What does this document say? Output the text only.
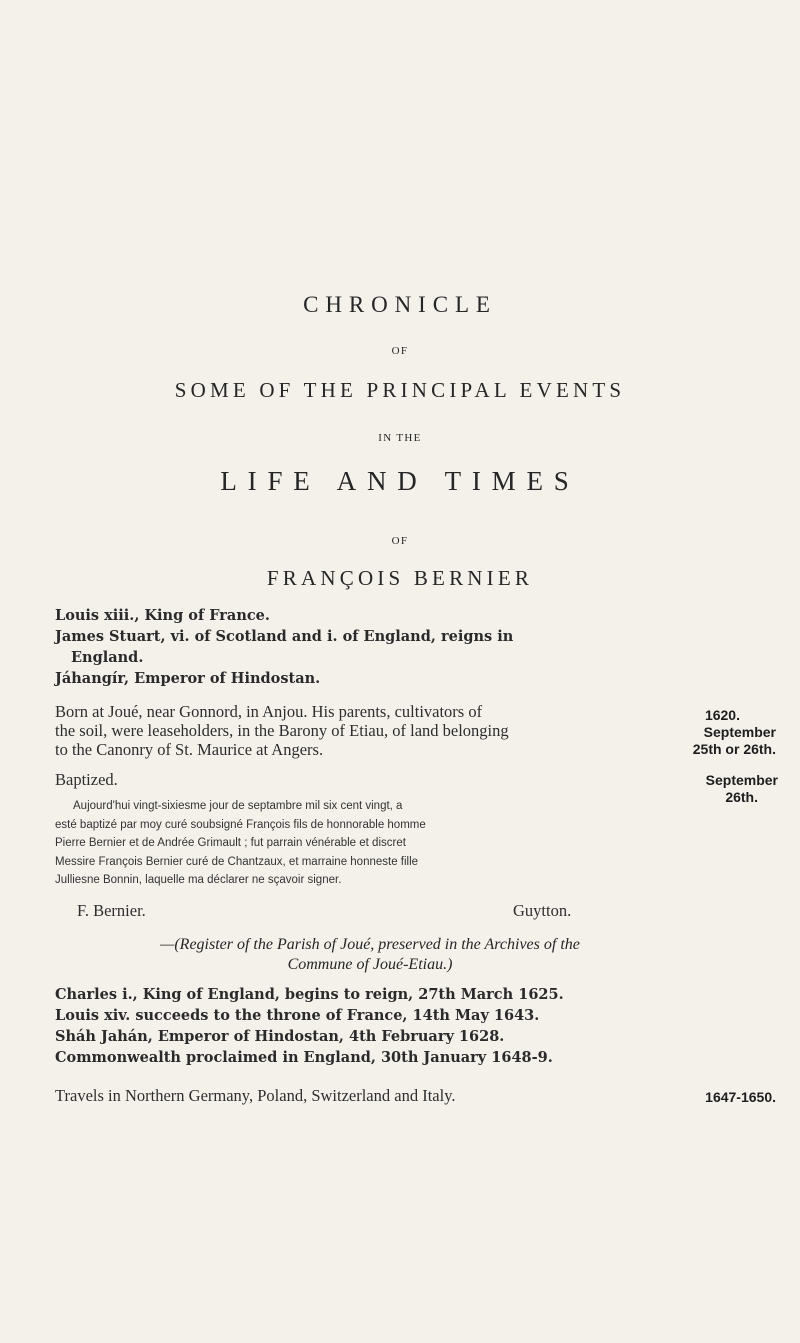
CHRONICLE
OF
SOME OF THE PRINCIPAL EVENTS
IN THE
LIFE AND TIMES
OF
FRANÇOIS BERNIER
Louis xiii., King of France.
James Stuart, vi. of Scotland and i. of England, reigns in
England.
Jáhangír, Emperor of Hindostan.
Born at Joué, near Gonnord, in Anjou. His parents, cultivators of
the soil, were leaseholders, in the Barony of Etiau, of land belonging
to the Canonry of St. Maurice at Angers.
1620.
September
25th or 26th.
Baptized.	September
26th.
Aujourd'hui vingt-sixiesme jour de septambre mil six cent vingt, a
esté baptizé par moy curé soubsigné François fils de honnorable homme
Pierre Bernier et de Andrée Grimault ; fut parrain vénérable et discret
Messire François Bernier curé de Chantzaux, et marraine honneste fille
Julliesne Bonnin, laquelle ma déclarer ne sçavoir signer.
F. Bernier.	Guytton.
—(Register of the Parish of Joué, preserved in the Archives of the
Commune of Joué-Etiau.)
Charles i., King of England, begins to reign, 27th March 1625.
Louis xiv. succeeds to the throne of France, 14th May 1643.
Sháh Jahán, Emperor of Hindostan, 4th February 1628.
Commonwealth proclaimed in England, 30th January 1648-9.
Travels in Northern Germany, Poland, Switzerland and Italy.	1647-1650.
